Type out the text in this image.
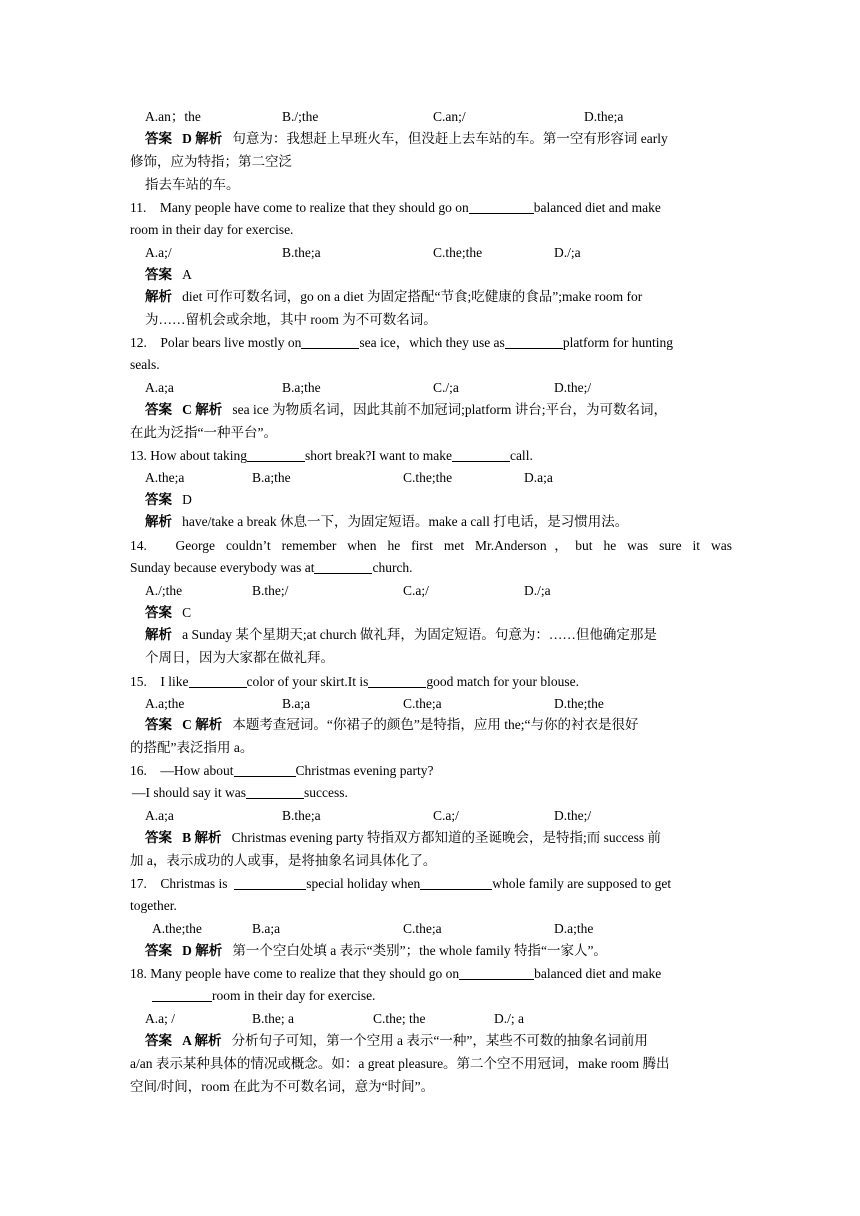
A.an；the	B./;the	C.an;/	D.the;a
答案 D 解析 句意为：我想赶上早班火车，但没赶上去车站的车。第一空有形容词 early
修饰，应为特指；第二空泛
指去车站的车。
11.　Many people have come to realize that they should go on	balanced diet and make
room in their day for exercise.
A.a;/	B.the;a	C.the;the	D./;a
答案 A
解析 diet 可作可数名词，go on a diet 为固定搭配“节食;吃健康的食品”;make room for
为……留机会或余地，其中 room 为不可数名词。
12.　Polar bears live mostly on	sea ice，which they use as	platform for hunting
seals.
A.a;a	B.a;the	C./;a	D.the;/
答案 C 解析 sea ice 为物质名词，因此其前不加冠词;platform 讲台;平台，为可数名词，
在此为泛指“一种平台”。
13. How about taking	short break?I want to make	call.
A.the;a	B.a;the	C.the;the	D.a;a
答案 D
解析 have/take a break 休息一下，为固定短语。make a call 打电话，是习惯用法。
14.　George couldn’t remember when he first met Mr.Anderson，but he was sure it was
Sunday because everybody was at	church.
A./;the	B.the;/	C.a;/	D./;a
答案 C
解析 a Sunday 某个星期天;at church 做礼拜，为固定短语。句意为：……但他确定那是
个周日，因为大家都在做礼拜。
15.　I like	color of your skirt.It is	good match for your blouse.
A.a;the	B.a;a	C.the;a	D.the;the
答案 C 解析 本题考查冠词。“你裙子的颜色”是特指，应用 the;“与你的衬衣是很好
的搭配”表泛指用 a。
16.　—How about	Christmas evening party?
—I should say it was	success.
A.a;a	B.the;a	C.a;/	D.the;/
答案 B 解析 Christmas evening party 特指双方都知道的圣诞晚会，是特指;而 success 前
加 a，表示成功的人或事，是将抽象名词具体化了。
17.　Christmas is	special holiday when	whole family are supposed to get
together.
A.the;the	B.a;a	C.the;a	D.a;the
答案 D 解析 第一个空白处填 a 表示“类别”；the whole family 特指“一家人”。
18. Many people have come to realize that they should go on	balanced diet and make
room in their day for exercise.
A.a; /	B.the; a	C.the; the	D./; a
答案 A 解析 分析句子可知，第一个空用 a 表示“一种”，某些不可数的抽象名词前用
a/an 表示某种具体的情况或概念。如：a great pleasure。第二个空不用冠词，make room 腾出
空间/时间，room 在此为不可数名词，意为“时间”。
